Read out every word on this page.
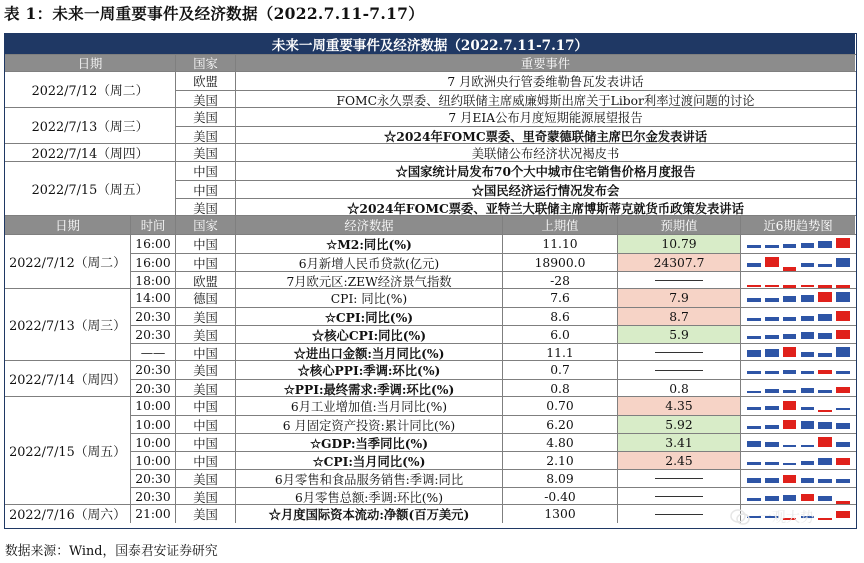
表 1：未来一周重要事件及经济数据（2022.7.11-7.17）
未来一周重要事件及经济数据（2022.7.11-7.17）
日期	国家	重要事件
2022/7/12（周二）
欧盟	7 月欧洲央行管委维勒鲁瓦发表讲话
美国	FOMC永久票委、纽约联储主席威廉姆斯出席关于Libor利率过渡问题的讨论
2022/7/13（周三）
美国	7 月EIA公布月度短期能源展望报告
美国	☆2024年FOMC票委、里奇蒙德联储主席巴尔金发表讲话
2022/7/14（周四）	美国	美联储公布经济状况褐皮书
2022/7/15（周五）
中国	☆国家统计局发布70个大中城市住宅销售价格月度报告
中国	☆国民经济运行情况发布会
美国	☆2024年FOMC票委、亚特兰大联储主席博斯蒂克就货币政策发表讲话
日期	时间	国家	经济数据	上期值	预期值	近6期趋势图
2022/7/12（周二）
16:00	中国	☆M2:同比(%)	11.10	10.79
16:00	中国	6月新增人民币贷款(亿元)	18900.0	24307.7
18:00	欧盟	7月欧元区:ZEW经济景气指数	-28
2022/7/13（周三）
14:00	德国	CPI: 同比(%)	7.6	7.9
20:30	美国	☆CPI:同比(%)	8.6	8.7
20:30	美国	☆核心CPI:同比(%)	6.0	5.9
——	中国	☆进出口金额:当月同比(%)	11.1
2022/7/14（周四）
20:30	美国	☆核心PPI:季调:环比(%)	0.7
20:30	美国	☆PPI:最终需求:季调:环比(%)	0.8	0.8
2022/7/15（周五）
10:00	中国	6月工业增加值:当月同比(%)	0.70	4.35
10:00	中国	6 月固定资产投资:累计同比(%)	6.20	5.92
10:00	中国	☆GDP:当季同比(%)	4.80	3.41
10:00	中国	☆CPI:当月同比(%)	2.10	2.45
20:30	美国	6月零售和食品服务销售:季调:同比	8.09
20:30	美国	6月零售总额:季调:环比(%)	-0.40
2022/7/16（周六） 21:00	美国	☆月度国际资本流动:净额(百万美元)	1300	一观大势
数据来源：Wind，国泰君安证券研究
